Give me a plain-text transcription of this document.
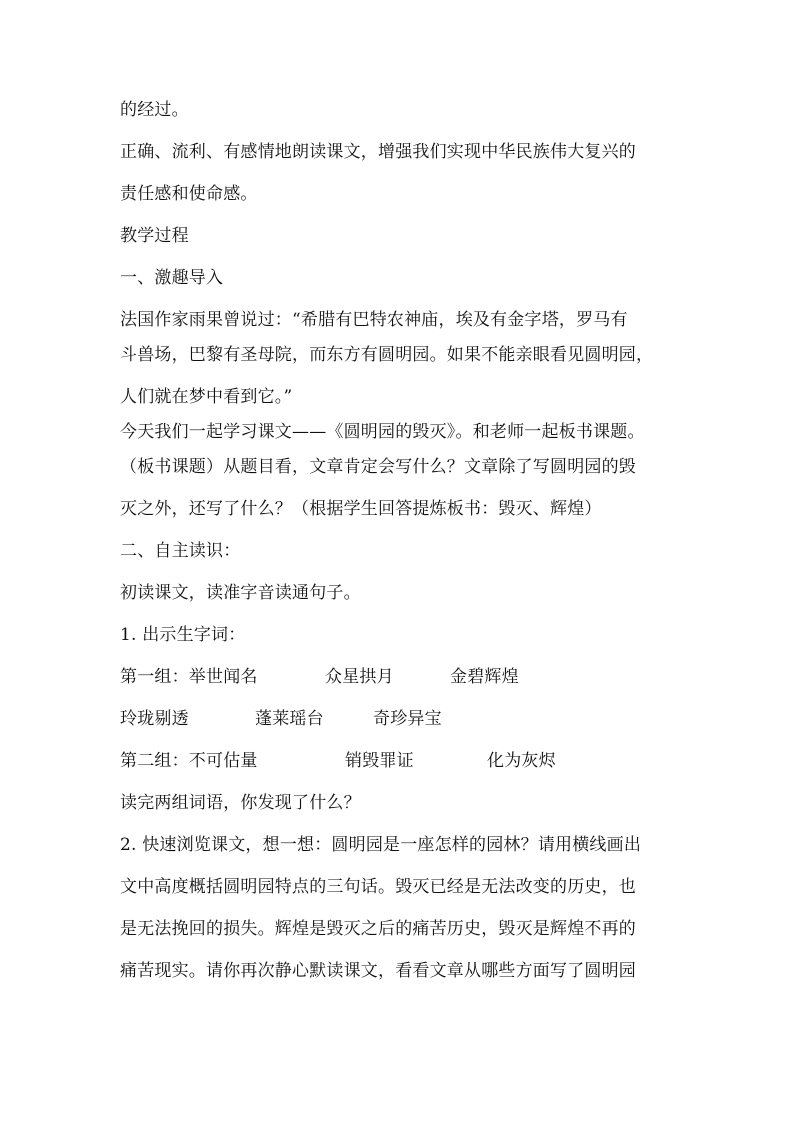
的经过。

正确、流利、有感情地朗读课文，增强我们实现中华民族伟大复兴的

责任感和使命感。

教学过程

一、激趣导入

法国作家雨果曾说过：“希腊有巴特农神庙，埃及有金字塔，罗马有

斗兽场，巴黎有圣母院，而东方有圆明园。如果不能亲眼看见圆明园，

人们就在梦中看到它。”

今天我们一起学习课文——《圆明园的毁灭》。和老师一起板书课题。

（板书课题）从题目看，文章肯定会写什么？文章除了写圆明园的毁

灭之外，还写了什么？（根据学生回答提炼板书：毁灭、辉煌）

二、自主读识：

初读课文，读准字音读通句子。

1. 出示生字词：

第一组：举世闻名	众星拱月	金碧辉煌
玲珑剔透	蓬莱瑶台	奇珍异宝
第二组：不可估量	销毁罪证	化为灰烬

读完两组词语，你发现了什么？

2. 快速浏览课文，想一想：圆明园是一座怎样的园林？请用横线画出

文中高度概括圆明园特点的三句话。毁灭已经是无法改变的历史，也

是无法挽回的损失。辉煌是毁灭之后的痛苦历史，毁灭是辉煌不再的

痛苦现实。请你再次静心默读课文，看看文章从哪些方面写了圆明园
